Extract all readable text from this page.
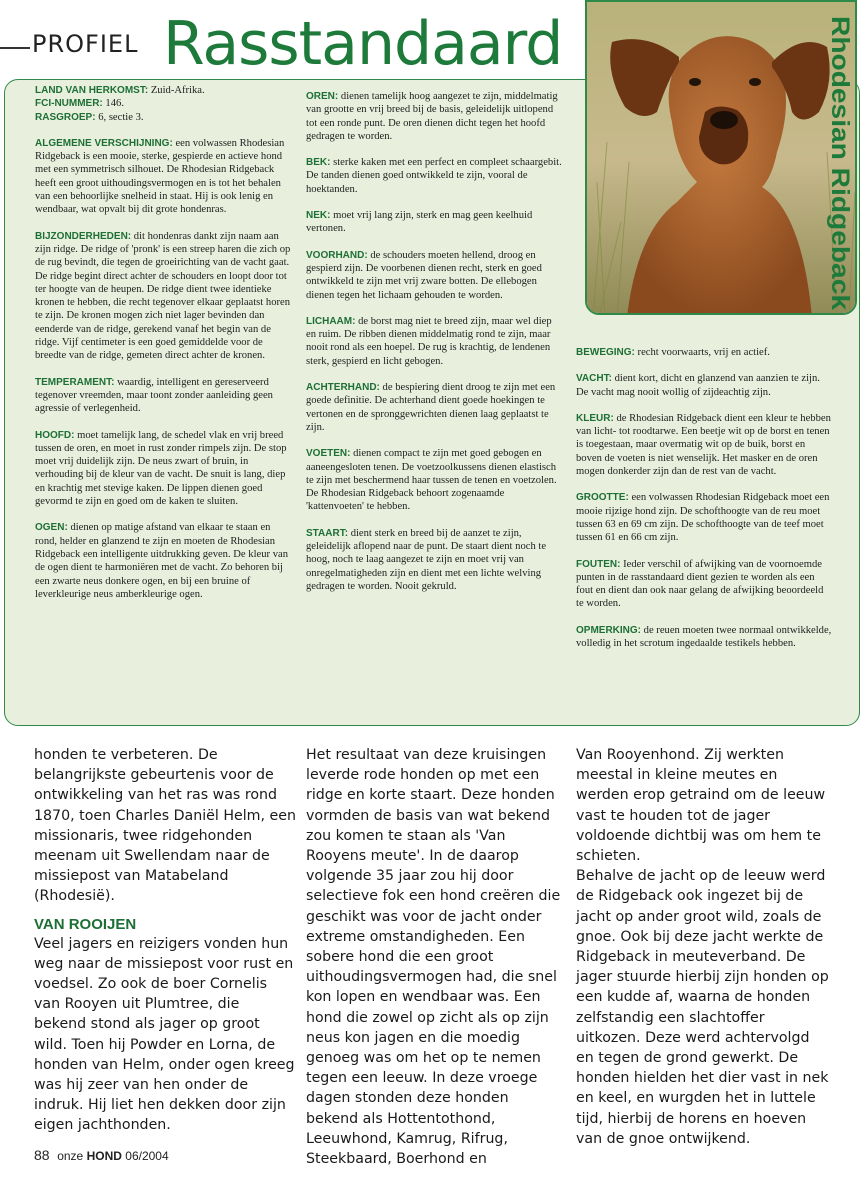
PROFIEL Rasstandaard	Rhodesian Ridgeback
LAND VAN HERKOMST: Zuid-Afrika.
FCI-NUMMER: 146.
RASGROEP: 6, sectie 3.

ALGEMENE VERSCHIJNING: een volwassen Rhodesian Ridgeback is een mooie, sterke, gespierde en actieve hond met een symmetrisch silhouet. De Rhodesian Ridgeback heeft een groot uithoudingsvermogen en is tot het behalen van een behoorlijke snelheid in staat. Hij is ook lenig en wendbaar, wat opvalt bij dit grote hondenras.

BIJZONDERHEDEN: dit hondenras dankt zijn naam aan zijn ridge. De ridge of 'pronk' is een streep haren die zich op de rug bevindt, die tegen de groeirichting van de vacht gaat. De ridge begint direct achter de schouders en loopt door tot ter hoogte van de heupen. De ridge dient twee identieke kronen te hebben, die recht tegenover elkaar geplaatst horen te zijn. De kronen mogen zich niet lager bevinden dan eenderde van de ridge, gerekend vanaf het begin van de ridge. Vijf centimeter is een goed gemiddelde voor de breedte van de ridge, gemeten direct achter de kronen.

TEMPERAMENT: waardig, intelligent en gereserveerd tegenover vreemden, maar toont zonder aanleiding geen agressie of verlegenheid.

HOOFD: moet tamelijk lang, de schedel vlak en vrij breed tussen de oren, en moet in rust zonder rimpels zijn. De stop moet vrij duidelijk zijn. De neus zwart of bruin, in verhouding bij de kleur van de vacht. De snuit is lang, diep en krachtig met stevige kaken. De lippen dienen goed gevormd te zijn en goed om de kaken te sluiten.

OGEN: dienen op matige afstand van elkaar te staan en rond, helder en glanzend te zijn en moeten de Rhodesian Ridgeback een intelligente uitdrukking geven. De kleur van de ogen dient te harmoniëren met de vacht. Zo behoren bij een zwarte neus donkere ogen, en bij een bruine of leverkleurige neus amberkleurige ogen.

OREN: dienen tamelijk hoog aangezet te zijn, middelmatig van grootte en vrij breed bij de basis, geleidelijk uitlopend tot een ronde punt. De oren dienen dicht tegen het hoofd gedragen te worden.

BEK: sterke kaken met een perfect en compleet schaargebit. De tanden dienen goed ontwikkeld te zijn, vooral de hoektanden.

NEK: moet vrij lang zijn, sterk en mag geen keelhuid vertonen.

VOORHAND: de schouders moeten hellend, droog en gespierd zijn. De voorbenen dienen recht, sterk en goed ontwikkeld te zijn met vrij zware botten. De ellebogen dienen tegen het lichaam gehouden te worden.

LICHAAM: de borst mag niet te breed zijn, maar wel diep en ruim. De ribben dienen middelmatig rond te zijn, maar nooit rond als een hoepel. De rug is krachtig, de lendenen sterk, gespierd en licht gebogen.

ACHTERHAND: de bespiering dient droog te zijn met een goede definitie. De achterhand dient goede hoekingen te vertonen en de spronggewrichten dienen laag geplaatst te zijn.

VOETEN: dienen compact te zijn met goed gebogen en aaneengesloten tenen. De voetzoolkussens dienen elastisch te zijn met beschermend haar tussen de tenen en voetzolen. De Rhodesian Ridgeback behoort zogenaamde 'kattenvoeten' te hebben.

STAART: dient sterk en breed bij de aanzet te zijn, geleidelijk aflopend naar de punt. De staart dient noch te hoog, noch te laag aangezet te zijn en moet vrij van onregelmatigheden zijn en dient met een lichte welving gedragen te worden. Nooit gekruld.

BEWEGING: recht voorwaarts, vrij en actief.

VACHT: dient kort, dicht en glanzend van aanzien te zijn. De vacht mag nooit wollig of zijdeachtig zijn.

KLEUR: de Rhodesian Ridgeback dient een kleur te hebben van licht- tot roodtarwe. Een beetje wit op de borst en tenen is toegestaan, maar overmatig wit op de buik, borst en boven de voeten is niet wenselijk. Het masker en de oren mogen donkerder zijn dan de rest van de vacht.

GROOTTE: een volwassen Rhodesian Ridgeback moet een mooie rijzige hond zijn. De schofthoogte van de reu moet tussen 63 en 69 cm zijn. De schofthoogte van de teef moet tussen 61 en 66 cm zijn.

FOUTEN: Ieder verschil of afwijking van de voornoemde punten in de rasstandaard dient gezien te worden als een fout en dient dan ook naar gelang de afwijking beoordeeld te worden.

OPMERKING: de reuen moeten twee normaal ontwikkelde, volledig in het scrotum ingedaalde testikels hebben.

honden te verbeteren. De belangrijkste gebeurtenis voor de ontwikkeling van het ras was rond 1870, toen Charles Daniël Helm, een missionaris, twee ridgehonden meenam uit Swellendam naar de missiepost van Matabeland (Rhodesië).

VAN ROOIJEN

Veel jagers en reizigers vonden hun weg naar de missiepost voor rust en voedsel. Zo ook de boer Cornelis van Rooyen uit Plumtree, die bekend stond als jager op groot wild. Toen hij Powder en Lorna, de honden van Helm, onder ogen kreeg was hij zeer van hen onder de indruk. Hij liet hen dekken door zijn eigen jachthonden.

Het resultaat van deze kruisingen leverde rode honden op met een ridge en korte staart. Deze honden vormden de basis van wat bekend zou komen te staan als 'Van Rooyens meute'. In de daarop volgende 35 jaar zou hij door selectieve fok een hond creëren die geschikt was voor de jacht onder extreme omstandigheden. Een sobere hond die een groot uithoudingsvermogen had, die snel kon lopen en wendbaar was. Een hond die zowel op zicht als op zijn neus kon jagen en die moedig genoeg was om het op te nemen tegen een leeuw. In deze vroege dagen stonden deze honden bekend als Hottentothond, Leeuwhond, Kamrug, Rifrug, Steekbaard, Boerhond en

Van Rooyenhond. Zij werkten meestal in kleine meutes en werden erop getraind om de leeuw vast te houden tot de jager voldoende dichtbij was om hem te schieten.

Behalve de jacht op de leeuw werd de Ridgeback ook ingezet bij de jacht op ander groot wild, zoals de gnoe. Ook bij deze jacht werkte de Ridgeback in meuteverband. De jager stuurde hierbij zijn honden op een kudde af, waarna de honden zelfstandig een slachtoffer uitkozen. Deze werd achtervolgd en tegen de grond gewerkt. De honden hielden het dier vast in nek en keel, en wurgden het in luttele tijd, hierbij de horens en hoeven van de gnoe ontwijkend.

88 onze HOND 06/2004
